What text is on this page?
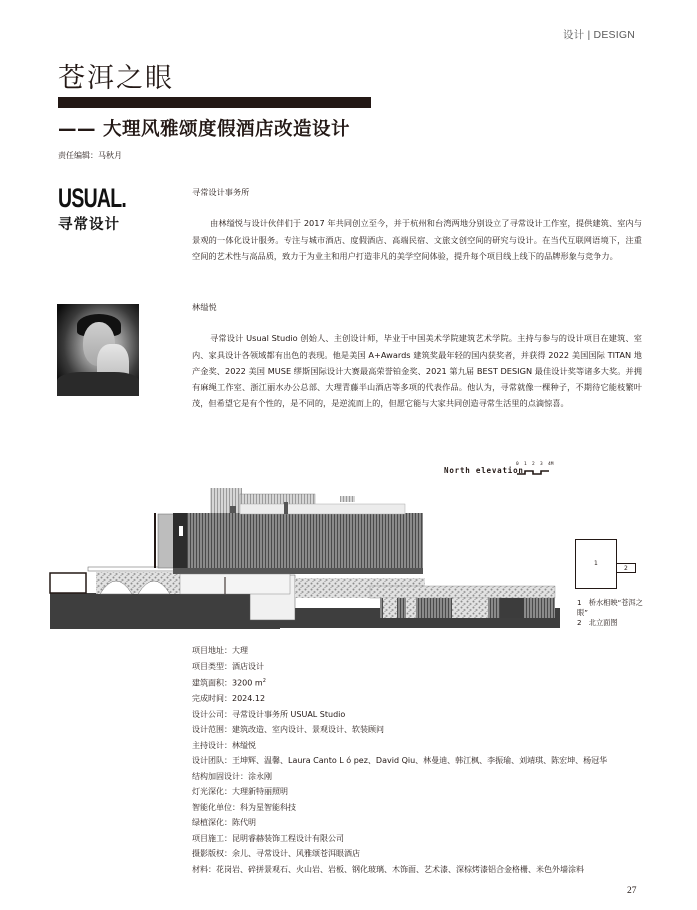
设计 | DESIGN
苍洱之眼
—— 大理风雅颂度假酒店改造设计
责任编辑：马秋月
USUAL.
寻常设计
寻常设计事务所

由林缢悦与设计伙伴们于 2017 年共同创立至今，并于杭州和台湾两地分别设立了寻常设计工作室，提供建筑、室内与景观的一体化设计服务。专注与城市酒店、度假酒店、高端民宿、文旅文创空间的研究与设计。在当代互联网语境下，注重空间的艺术性与高品质，致力于为业主和用户打造非凡的美学空间体验，提升每个项目线上线下的品牌形象与竞争力。

林缢悦

寻常设计 Usual Studio 创始人、主创设计师，毕业于中国美术学院建筑艺术学院。主持与参与的设计项目在建筑、室内、家具设计各领域都有出色的表现。他是美国 A+Awards 建筑奖最年轻的国内获奖者，并获得 2022 美国国际 TITAN 地产金奖、2022 美国 MUSE 缪斯国际设计大赛最高荣誉铂金奖、2021 第九届 BEST DESIGN 最佳设计奖等诸多大奖。并拥有麻绳工作室、浙江丽水办公总部、大理青藤半山酒店等多项的代表作品。他认为，寻常就像一棵种子，不期待它能枝繁叶茂，但希望它是有个性的，是不同的，是逆流而上的，但愿它能与大家共同创造寻常生活里的点滴惊喜。

North elevation
0 1 2 3 4M
1
2
1　桥水相映“苍洱之眼”
2　北立面图
项目地址：大理
项目类型：酒店设计
建筑面积：3200 $m^2$
完成时间：2024.12
设计公司：寻常设计事务所 USUAL Studio
设计范围：建筑改造、室内设计、景观设计、软装顾问
主持设计：林缢悦
设计团队：王坤辉、温馨、Laura Canto L ó pez、David Qiu、林曼迪、韩江枫、李振瑜、刘靖琪、陈宏坤、杨冠华
结构加固设计：涂永刚
灯光深化：大理新特丽照明
智能化单位：科为星智能科技
绿植深化：陈代明
项目施工：昆明睿赫装饰工程设计有限公司
摄影版权：余儿、寻常设计、风雅颂苍洱眼酒店
材料：花岗岩、碎拼景观石、火山岩、岩板、钢化玻璃、木饰面、艺术漆、深棕烤漆铝合金格栅、米色外墙涂料
27
